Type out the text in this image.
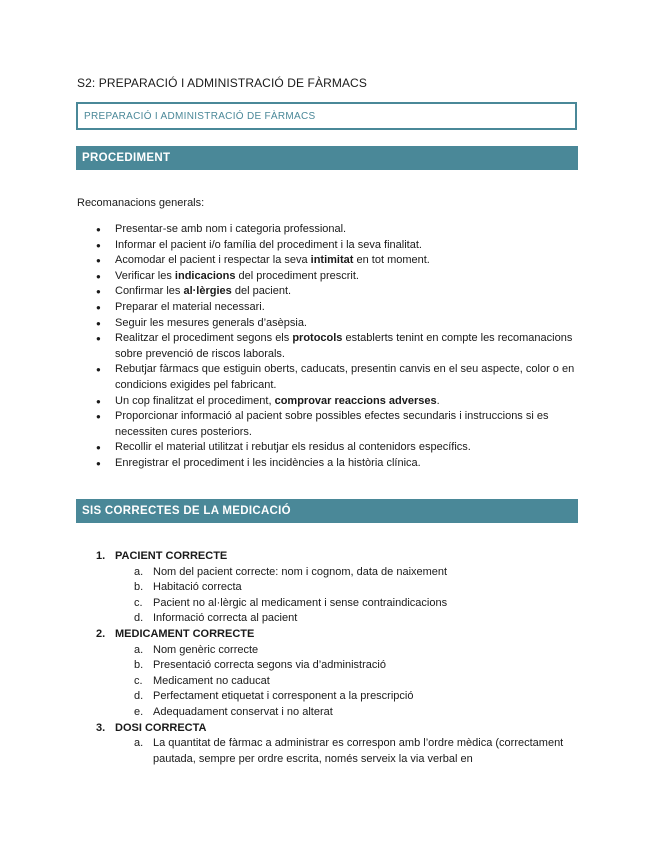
S2: PREPARACIÓ I ADMINISTRACIÓ DE FÀRMACS
PREPARACIÓ I ADMINISTRACIÓ DE FÀRMACS
PROCEDIMENT
Recomanacions generals:
● Presentar-se amb nom i categoria professional.
● Informar el pacient i/o família del procediment i la seva finalitat.
● Acomodar el pacient i respectar la seva intimitat en tot moment.
● Verificar les indicacions del procediment prescrit.
● Confirmar les al·lèrgies del pacient.
● Preparar el material necessari.
● Seguir les mesures generals d’asèpsia.
● Realitzar el procediment segons els protocols establerts tenint en compte les recomanacions sobre prevenció de riscos laborals.
● Rebutjar fàrmacs que estiguin oberts, caducats, presentin canvis en el seu aspecte, color o en condicions exigides pel fabricant.
● Un cop finalitzat el procediment, comprovar reaccions adverses.
● Proporcionar informació al pacient sobre possibles efectes secundaris i instruccions si es necessiten cures posteriors.
● Recollir el material utilitzat i rebutjar els residus al contenidors específics.
● Enregistrar el procediment i les incidències a la història clínica.
SIS CORRECTES DE LA MEDICACIÓ
1. PACIENT CORRECTE
a. Nom del pacient correcte: nom i cognom, data de naixement
b. Habitació correcta
c. Pacient no al·lèrgic al medicament i sense contraindicacions
d. Informació correcta al pacient
2. MEDICAMENT CORRECTE
a. Nom genèric correcte
b. Presentació correcta segons via d’administració
c. Medicament no caducat
d. Perfectament etiquetat i corresponent a la prescripció
e. Adequadament conservat i no alterat
3. DOSI CORRECTA
a. La quantitat de fàrmac a administrar es correspon amb l’ordre mèdica (correctament pautada, sempre per ordre escrita, només serveix la via verbal en
